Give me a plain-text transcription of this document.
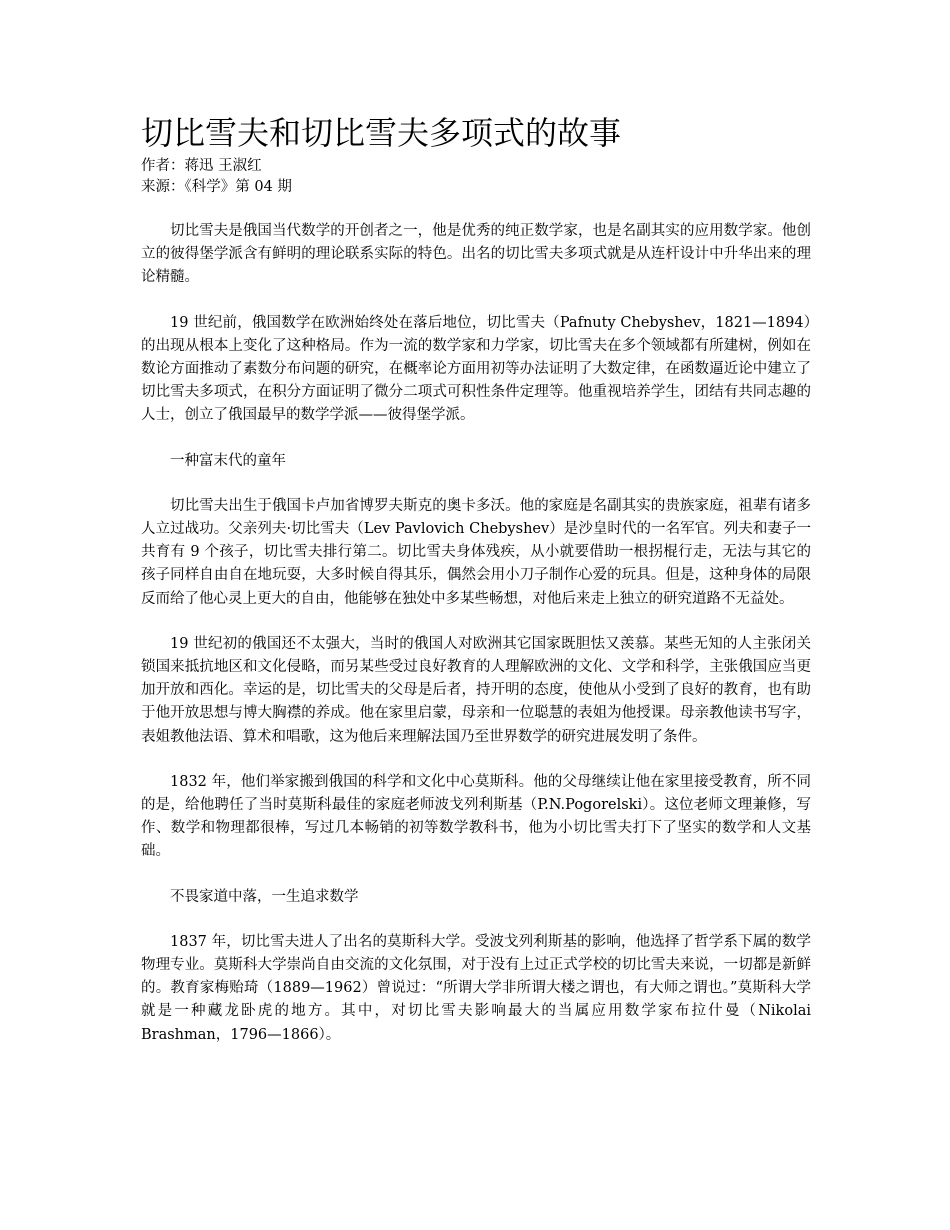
切比雪夫和切比雪夫多项式的故事

作者：蒋迅 王淑红

来源：《科学》第 04 期

切比雪夫是俄国当代数学的开创者之一，他是优秀的纯正数学家，也是名副其实的应用数学家。他创立的彼得堡学派含有鲜明的理论联系实际的特色。出名的切比雪夫多项式就是从连杆设计中升华出来的理论精髓。

19 世纪前，俄国数学在欧洲始终处在落后地位，切比雪夫（Pafnuty Chebyshev，1821—1894）的出现从根本上变化了这种格局。作为一流的数学家和力学家，切比雪夫在多个领域都有所建树，例如在数论方面推动了素数分布问题的研究，在概率论方面用初等办法证明了大数定律，在函数逼近论中建立了切比雪夫多项式，在积分方面证明了微分二项式可积性条件定理等。他重视培养学生，团结有共同志趣的人士，创立了俄国最早的数学学派——彼得堡学派。

一种富末代的童年

切比雪夫出生于俄国卡卢加省博罗夫斯克的奥卡多沃。他的家庭是名副其实的贵族家庭，祖辈有诸多人立过战功。父亲列夫·切比雪夫（Lev Pavlovich Chebyshev）是沙皇时代的一名军官。列夫和妻子一共育有 9 个孩子，切比雪夫排行第二。切比雪夫身体残疾，从小就要借助一根拐棍行走，无法与其它的孩子同样自由自在地玩耍，大多时候自得其乐，偶然会用小刀子制作心爱的玩具。但是，这种身体的局限反而给了他心灵上更大的自由，他能够在独处中多某些畅想，对他后来走上独立的研究道路不无益处。

19 世纪初的俄国还不太强大，当时的俄国人对欧洲其它国家既胆怯又羡慕。某些无知的人主张闭关锁国来抵抗地区和文化侵略，而另某些受过良好教育的人理解欧洲的文化、文学和科学，主张俄国应当更加开放和西化。幸运的是，切比雪夫的父母是后者，持开明的态度，使他从小受到了良好的教育，也有助于他开放思想与博大胸襟的养成。他在家里启蒙，母亲和一位聪慧的表姐为他授课。母亲教他读书写字，表姐教他法语、算术和唱歌，这为他后来理解法国乃至世界数学的研究进展发明了条件。

1832 年，他们举家搬到俄国的科学和文化中心莫斯科。他的父母继续让他在家里接受教育，所不同的是，给他聘任了当时莫斯科最佳的家庭老师波戈列利斯基（P.N.Pogorelski）。这位老师文理兼修，写作、数学和物理都很棒，写过几本畅销的初等数学教科书，他为小切比雪夫打下了坚实的数学和人文基础。

不畏家道中落，一生追求数学

1837 年，切比雪夫进人了出名的莫斯科大学。受波戈列利斯基的影响，他选择了哲学系下属的数学物理专业。莫斯科大学崇尚自由交流的文化氛围，对于没有上过正式学校的切比雪夫来说，一切都是新鲜的。教育家梅贻琦（1889—1962）曾说过：“所谓大学非所谓大楼之谓也，有大师之谓也。”莫斯科大学就是一种藏龙卧虎的地方。其中，对切比雪夫影响最大的当属应用数学家布拉什曼（Nikolai Brashman，1796—1866）。
